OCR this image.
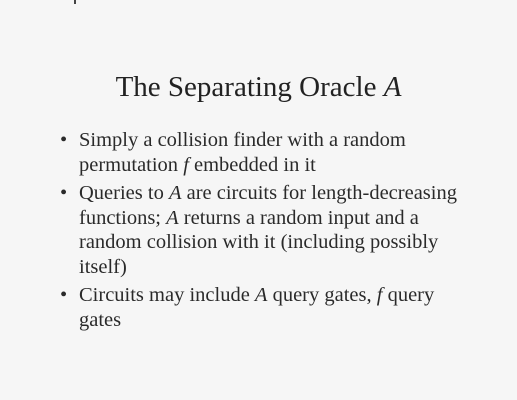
The Separating Oracle A
• Simply a collision finder with a random permutation f embedded in it
• Queries to A are circuits for length-decreasing functions; A returns a random input and a random collision with it (including possibly itself)
• Circuits may include A query gates, f query gates
